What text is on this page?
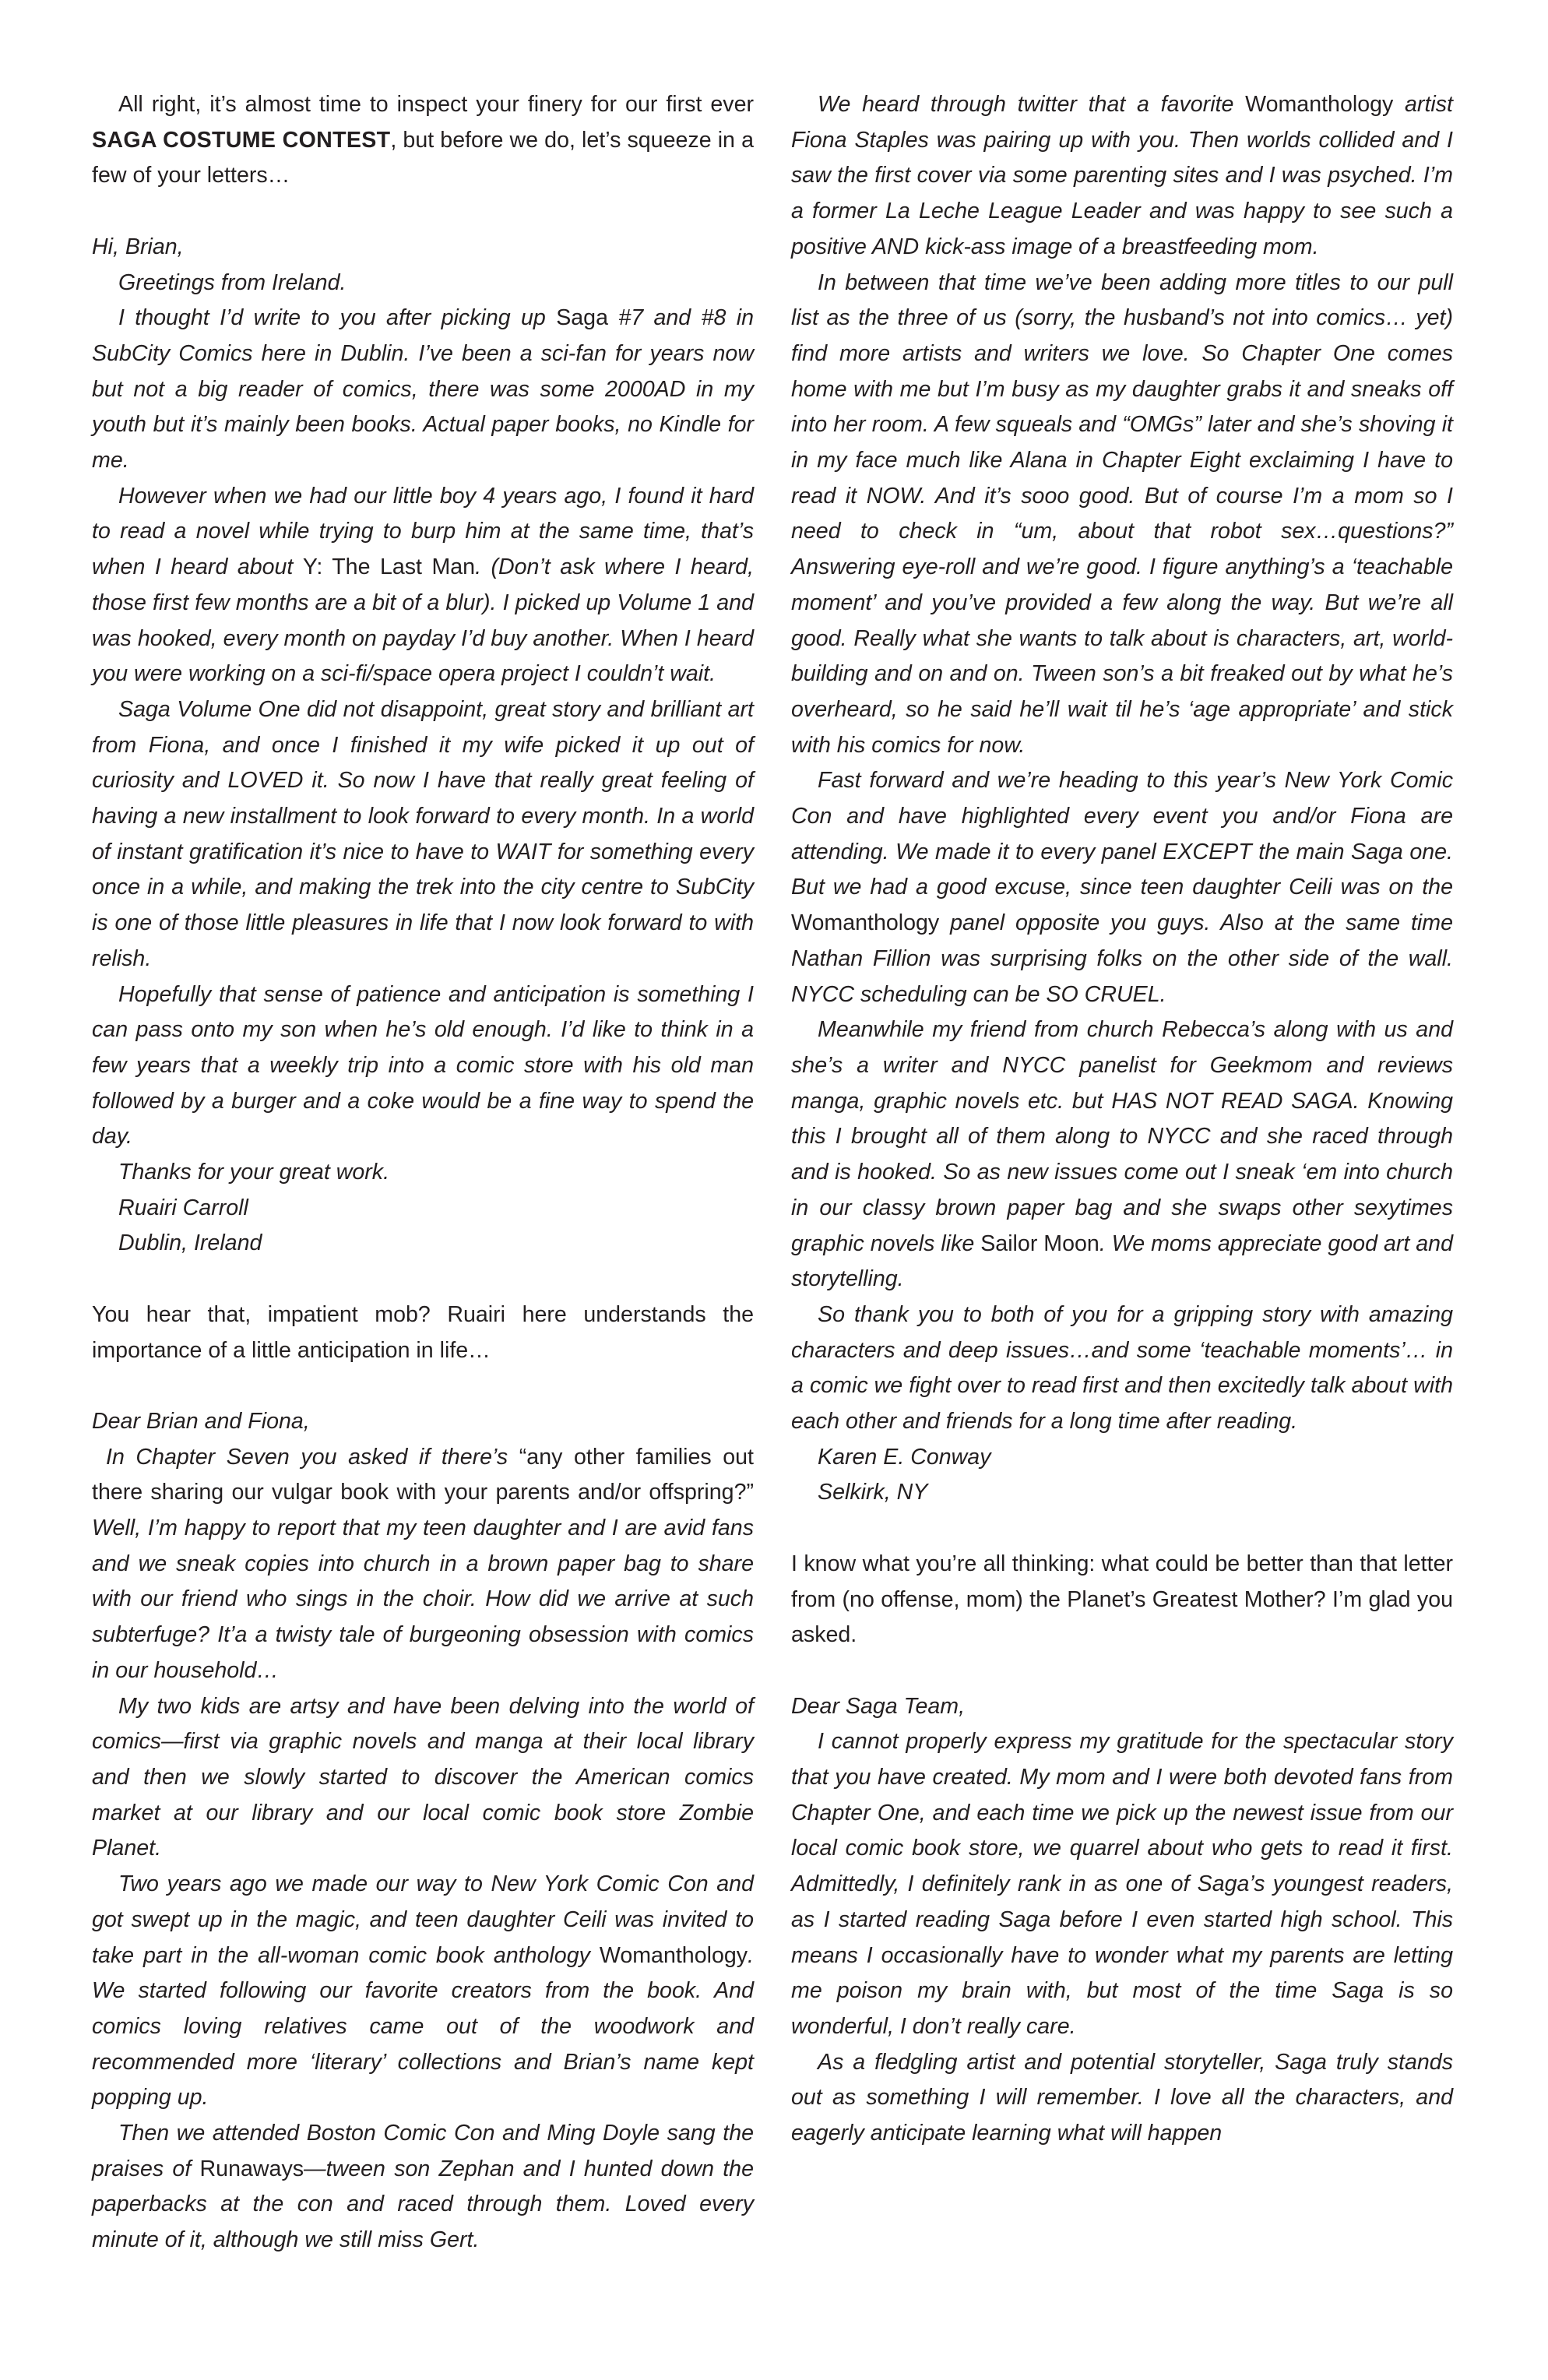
All right, it’s almost time to inspect your finery for our first ever SAGA COSTUME CONTEST, but before we do, let’s squeeze in a few of your letters…

Hi, Brian,

Greetings from Ireland.

I thought I’d write to you after picking up Saga #7 and #8 in SubCity Comics here in Dublin. I’ve been a sci-fan for years now but not a big reader of comics, there was some 2000AD in my youth but it’s mainly been books. Actual paper books, no Kindle for me.

However when we had our little boy 4 years ago, I found it hard to read a novel while trying to burp him at the same time, that’s when I heard about Y: The Last Man. (Don’t ask where I heard, those first few months are a bit of a blur). I picked up Volume 1 and was hooked, every month on payday I’d buy another. When I heard you were working on a sci-fi/space opera project I couldn’t wait.

Saga Volume One did not disappoint, great story and brilliant art from Fiona, and once I finished it my wife picked it up out of curiosity and LOVED it. So now I have that really great feeling of having a new installment to look forward to every month. In a world of instant gratification it’s nice to have to WAIT for something every once in a while, and making the trek into the city centre to SubCity is one of those little pleasures in life that I now look forward to with relish.

Hopefully that sense of patience and anticipation is something I can pass onto my son when he’s old enough. I’d like to think in a few years that a weekly trip into a comic store with his old man followed by a burger and a coke would be a fine way to spend the day.

Thanks for your great work.

Ruairi Carroll

Dublin, Ireland

You hear that, impatient mob? Ruairi here understands the importance of a little anticipation in life…

Dear Brian and Fiona,

In Chapter Seven you asked if there’s “any other families out there sharing our vulgar book with your parents and/or offspring?” Well, I’m happy to report that my teen daughter and I are avid fans and we sneak copies into church in a brown paper bag to share with our friend who sings in the choir. How did we arrive at such subterfuge? It’a a twisty tale of burgeoning obsession with comics in our household…

My two kids are artsy and have been delving into the world of comics—first via graphic novels and manga at their local library and then we slowly started to discover the American comics market at our library and our local comic book store Zombie Planet.

Two years ago we made our way to New York Comic Con and got swept up in the magic, and teen daughter Ceili was invited to take part in the all-woman comic book anthology Womanthology. We started following our favorite creators from the book. And comics loving relatives came out of the woodwork and recommended more ‘literary’ collections and Brian’s name kept popping up.

Then we attended Boston Comic Con and Ming Doyle sang the praises of Runaways—tween son Zephan and I hunted down the paperbacks at the con and raced through them. Loved every minute of it, although we still miss Gert.

We heard through twitter that a favorite Womanthology artist Fiona Staples was pairing up with you. Then worlds collided and I saw the first cover via some parenting sites and I was psyched. I’m a former La Leche League Leader and was happy to see such a positive AND kick-ass image of a breastfeeding mom.

In between that time we’ve been adding more titles to our pull list as the three of us (sorry, the husband’s not into comics… yet) find more artists and writers we love. So Chapter One comes home with me but I’m busy as my daughter grabs it and sneaks off into her room. A few squeals and “OMGs” later and she’s shoving it in my face much like Alana in Chapter Eight exclaiming I have to read it NOW. And it’s sooo good. But of course I’m a mom so I need to check in “um, about that robot sex…questions?” Answering eye-roll and we’re good. I figure anything’s a ‘teachable moment’ and you’ve provided a few along the way. But we’re all good. Really what she wants to talk about is characters, art, world-building and on and on. Tween son’s a bit freaked out by what he’s overheard, so he said he’ll wait til he’s ‘age appropriate’ and stick with his comics for now.

Fast forward and we’re heading to this year’s New York Comic Con and have highlighted every event you and/or Fiona are attending. We made it to every panel EXCEPT the main Saga one. But we had a good excuse, since teen daughter Ceili was on the Womanthology panel opposite you guys. Also at the same time Nathan Fillion was surprising folks on the other side of the wall. NYCC scheduling can be SO CRUEL.

Meanwhile my friend from church Rebecca’s along with us and she’s a writer and NYCC panelist for Geekmom and reviews manga, graphic novels etc. but HAS NOT READ SAGA. Knowing this I brought all of them along to NYCC and she raced through and is hooked. So as new issues come out I sneak ‘em into church in our classy brown paper bag and she swaps other sexytimes graphic novels like Sailor Moon. We moms appreciate good art and storytelling.

So thank you to both of you for a gripping story with amazing characters and deep issues…and some ‘teachable moments’… in a comic we fight over to read first and then excitedly talk about with each other and friends for a long time after reading.

Karen E. Conway

Selkirk, NY

I know what you’re all thinking: what could be better than that letter from (no offense, mom) the Planet’s Greatest Mother? I’m glad you asked.

Dear Saga Team,

I cannot properly express my gratitude for the spectacular story that you have created. My mom and I were both devoted fans from Chapter One, and each time we pick up the newest issue from our local comic book store, we quarrel about who gets to read it first. Admittedly, I definitely rank in as one of Saga’s youngest readers, as I started reading Saga before I even started high school. This means I occasionally have to wonder what my parents are letting me poison my brain with, but most of the time Saga is so wonderful, I don’t really care.

As a fledgling artist and potential storyteller, Saga truly stands out as something I will remember. I love all the characters, and eagerly anticipate learning what will happen
